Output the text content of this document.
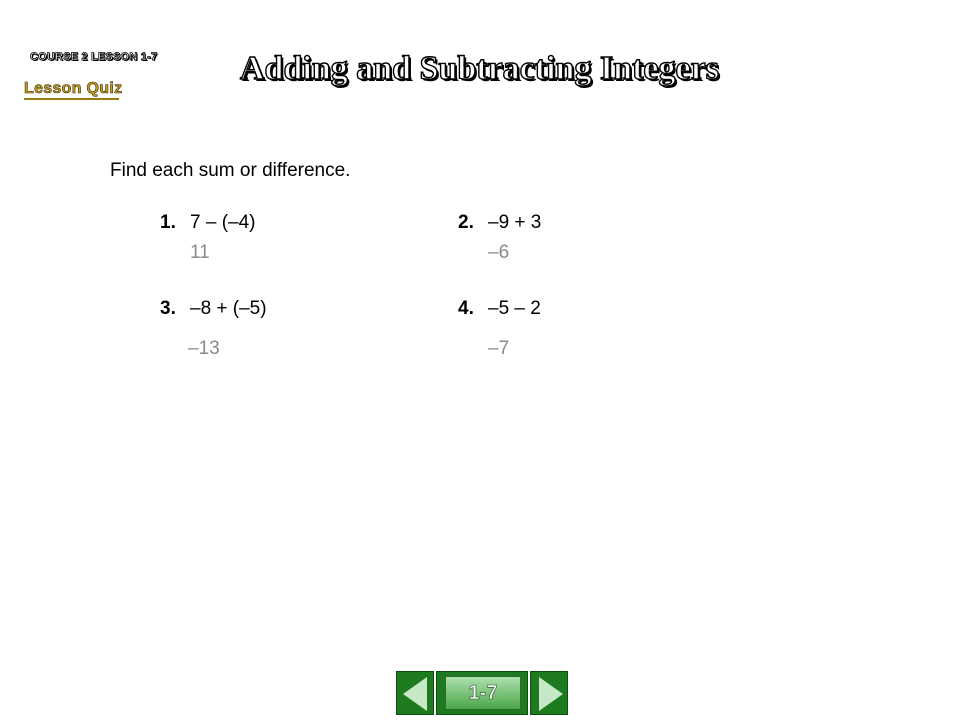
COURSE 2 LESSON 1-7
Lesson Quiz
Adding and Subtracting Integers
Find each sum or difference.
1. 7 – (–4)
11
2. –9 + 3
–6
3. –8 + (–5)
–13
4. –5 – 2
–7
1-7
